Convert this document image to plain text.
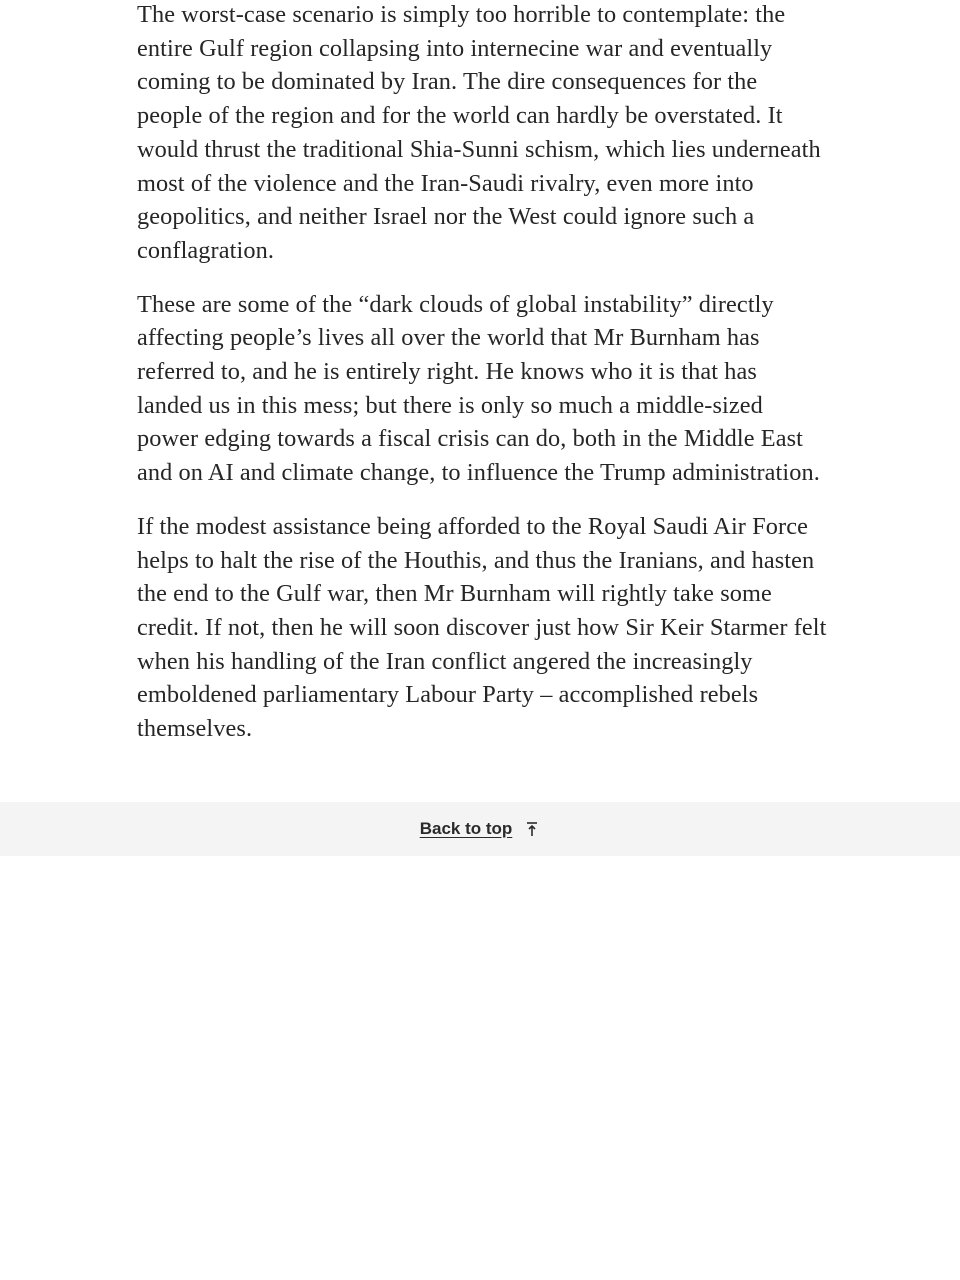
The worst-case scenario is simply too horrible to contemplate: the entire Gulf region collapsing into internecine war and eventually coming to be dominated by Iran. The dire consequences for the people of the region and for the world can hardly be overstated. It would thrust the traditional Shia-Sunni schism, which lies underneath most of the violence and the Iran-Saudi rivalry, even more into geopolitics, and neither Israel nor the West could ignore such a conflagration.

These are some of the “dark clouds of global instability” directly affecting people’s lives all over the world that Mr Burnham has referred to, and he is entirely right. He knows who it is that has landed us in this mess; but there is only so much a middle-sized power edging towards a fiscal crisis can do, both in the Middle East and on AI and climate change, to influence the Trump administration.

If the modest assistance being afforded to the Royal Saudi Air Force helps to halt the rise of the Houthis, and thus the Iranians, and hasten the end to the Gulf war, then Mr Burnham will rightly take some credit. If not, then he will soon discover just how Sir Keir Starmer felt when his handling of the Iran conflict angered the increasingly emboldened parliamentary Labour Party – accomplished rebels themselves.

Back to top
